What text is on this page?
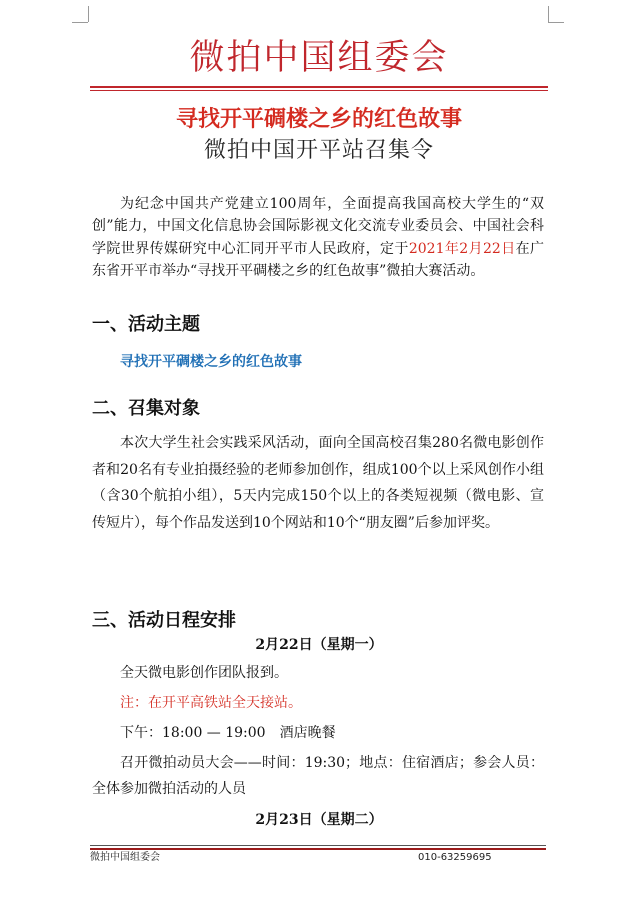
微拍中国组委会
寻找开平碉楼之乡的红色故事
微拍中国开平站召集令
为纪念中国共产党建立100周年，全面提高我国高校大学生的“双创”能力，中国文化信息协会国际影视文化交流专业委员会、中国社会科学院世界传媒研究中心汇同开平市人民政府，定于2021年2月22日在广东省开平市举办“寻找开平碉楼之乡的红色故事”微拍大赛活动。
一、活动主题
寻找开平碉楼之乡的红色故事
二、召集对象
本次大学生社会实践采风活动，面向全国高校召集280名微电影创作者和20名有专业拍摄经验的老师参加创作，组成100个以上采风创作小组（含30个航拍小组），5天内完成150个以上的各类短视频（微电影、宣传短片），每个作品发送到10个网站和10个“朋友圈”后参加评奖。
三、活动日程安排
2月22日（星期一）
全天微电影创作团队报到。
注：在开平高铁站全天接站。
下午：18:00 — 19:00　酒店晚餐
召开微拍动员大会——时间：19:30；地点：住宿酒店；参会人员：全体参加微拍活动的人员
2月23日（星期二）
微拍中国组委会	010-63259695
